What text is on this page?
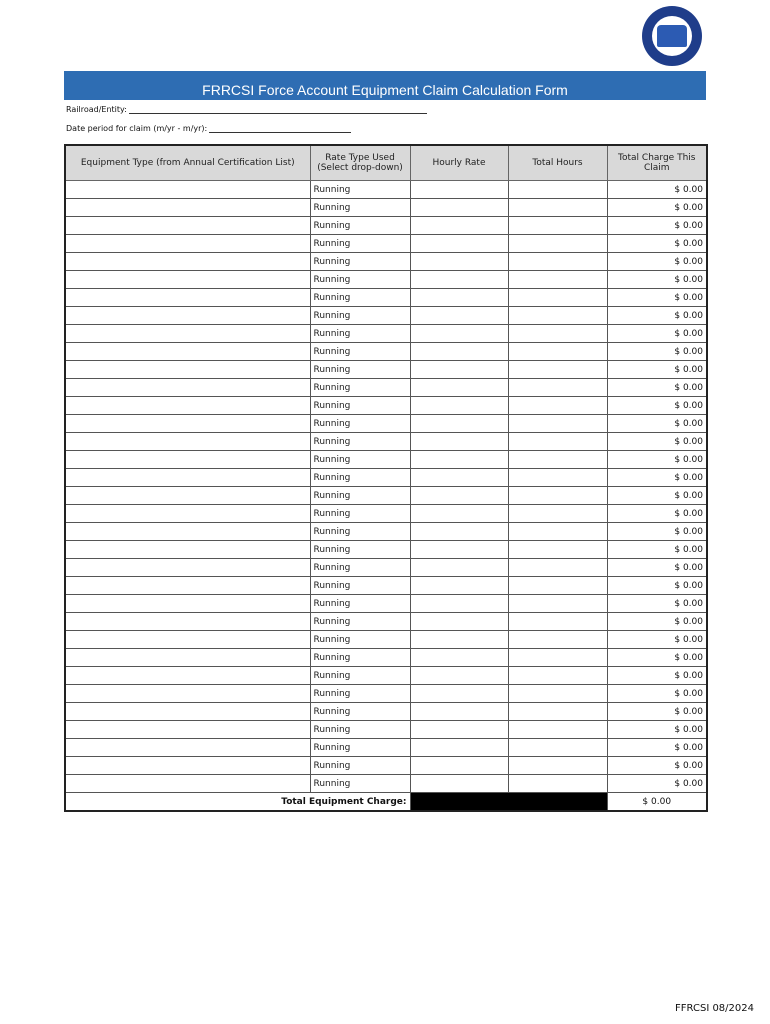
FRRCSI Force Account Equipment Claim Calculation Form
Railroad/Entity:
Date period for claim (m/yr - m/yr):
Equipment Type (from Annual Certification List)	Rate Type Used (Select drop-down)	Hourly Rate	Total Hours	Total Charge This Claim
	Running			$ 0.00
	Running			$ 0.00
	Running			$ 0.00
	Running			$ 0.00
	Running			$ 0.00
	Running			$ 0.00
	Running			$ 0.00
	Running			$ 0.00
	Running			$ 0.00
	Running			$ 0.00
	Running			$ 0.00
	Running			$ 0.00
	Running			$ 0.00
	Running			$ 0.00
	Running			$ 0.00
	Running			$ 0.00
	Running			$ 0.00
	Running			$ 0.00
	Running			$ 0.00
	Running			$ 0.00
	Running			$ 0.00
	Running			$ 0.00
	Running			$ 0.00
	Running			$ 0.00
	Running			$ 0.00
	Running			$ 0.00
	Running			$ 0.00
	Running			$ 0.00
	Running			$ 0.00
	Running			$ 0.00
	Running			$ 0.00
	Running			$ 0.00
	Running			$ 0.00
	Running			$ 0.00
Total Equipment Charge:				$ 0.00
FFRCSI 08/2024
